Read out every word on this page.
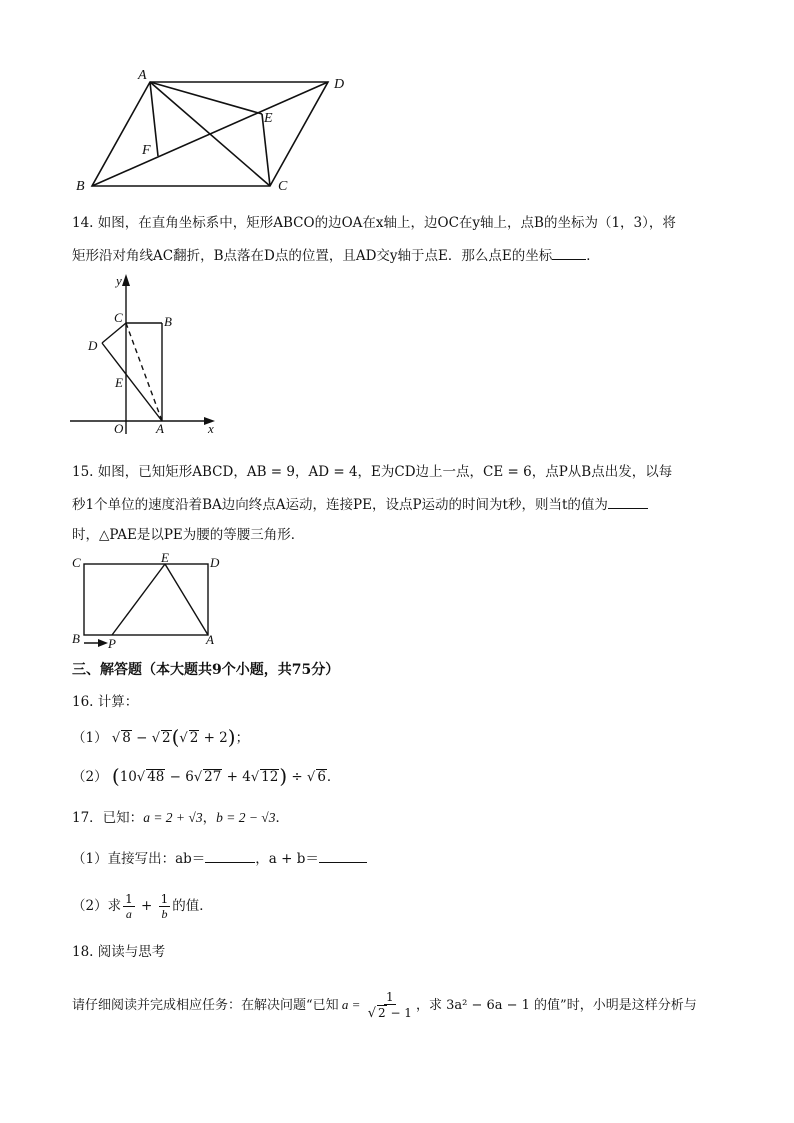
A
D
E
F
B	C
14. 如图，在直角坐标系中，矩形ABCO的边OA在x轴上，边OC在y轴上，点B的坐标为（1，3），将
矩形沿对角线AC翻折，B点落在D点的位置，且AD交y轴于点E．那么点E的坐标	．
y
x
C	B
D
E
O	A
15. 如图，已知矩形ABCD，AB = 9，AD = 4，E为CD边上一点，CE = 6，点P从B点出发，以每
秒1个单位的速度沿着BA边向终点A运动，连接PE，设点P运动的时间为t秒，则当t的值为
时，△PAE是以PE为腰的等腰三角形．
C	E	D
B P	A
三、解答题（本大题共9个小题，共75分）
16. 计算：
（1） √ 8 − √ 2(√ 2 + 2)；
（2） (10√ 48 − 6√ 27 + 4√ 12) ÷ √ 6．
17．已知：a = 2 + √3，b = 2 − √3．
（1）直接写出：ab＝	，a + b＝
（2）求 $\frac{1}{a} + \frac{1}{b}$ 的值．
18. 阅读与思考
请仔细阅读并完成相应任务：在解决问题“已知 $a = \frac{1}{√ 2 - 1}$ ，求 3a² − 6a − 1 的值”时，小明是这样分析与
